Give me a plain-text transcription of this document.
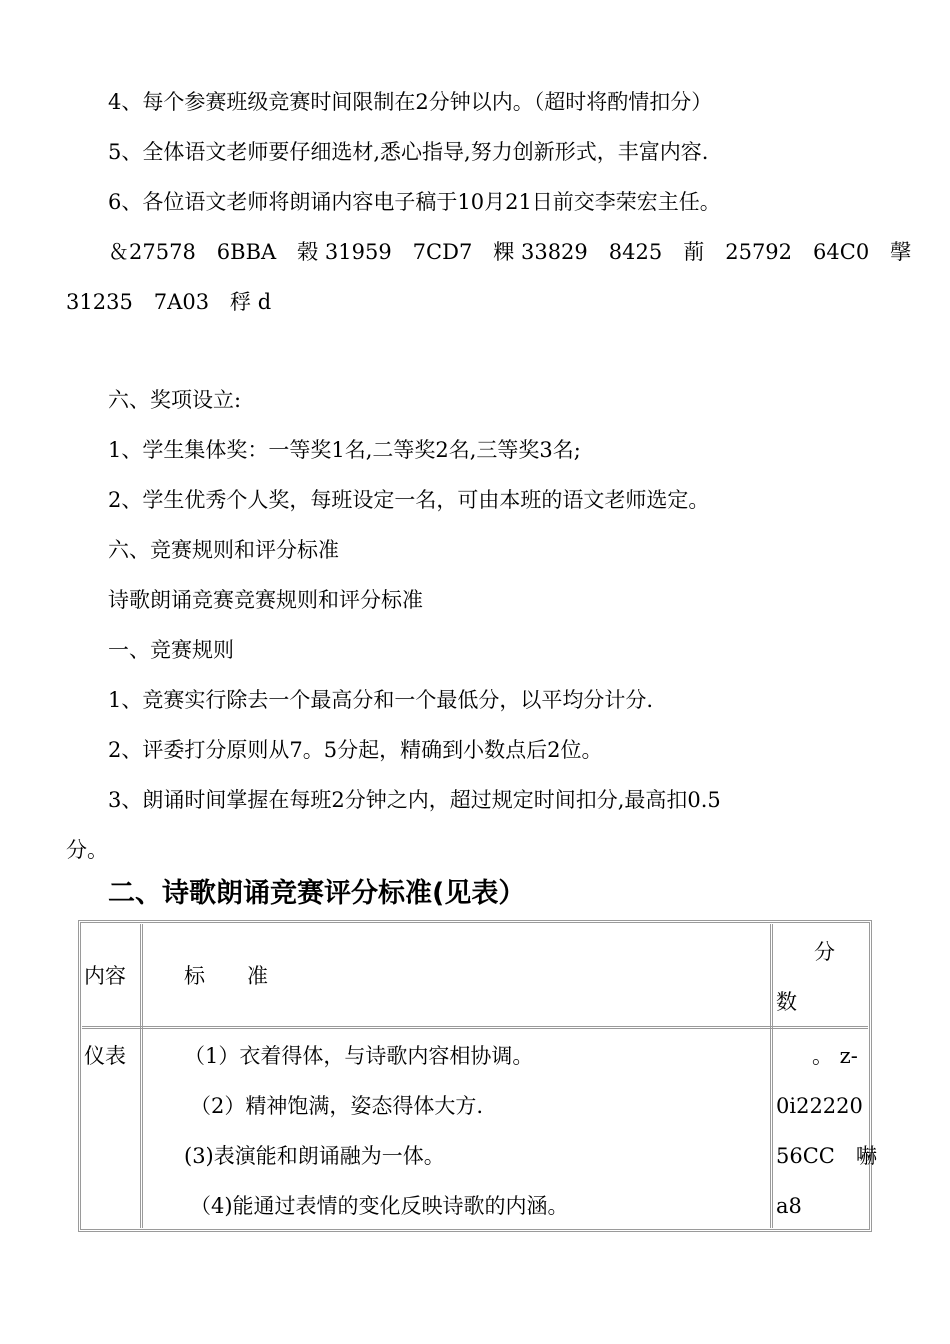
4、每个参赛班级竞赛时间限制在2分钟以内。（超时将酌情扣分）
5、全体语文老师要仔细选材,悉心指导,努力创新形式，丰富内容.
6、各位语文老师将朗诵内容电子稿于10月21日前交李荣宏主任。
＆27578　6BBA　榖 31959　7CD7　粿 33829　8425　萷　25792　64C0　撀
31235　7A03　稃 d
六、奖项设立:
1、学生集体奖：一等奖1名,二等奖2名,三等奖3名;
2、学生优秀个人奖，每班设定一名，可由本班的语文老师选定。
六、竞赛规则和评分标准
诗歌朗诵竞赛竞赛规则和评分标准
一、竞赛规则
1、竞赛实行除去一个最高分和一个最低分，以平均分计分.
2、评委打分原则从7。5分起，精确到小数点后2位。
3、朗诵时间掌握在每班2分钟之内，超过规定时间扣分,最高扣0.5
分。
二、诗歌朗诵竞赛评分标准(见表）
内容	标　　准
分
数
仪表	（1）衣着得体，与诗歌内容相协调。
（2）精神饱满，姿态得体大方.
(3)表演能和朗诵融为一体。
（4)能通过表情的变化反映诗歌的内涵。
。 z-
0i22220
56CC　嚇
a8
